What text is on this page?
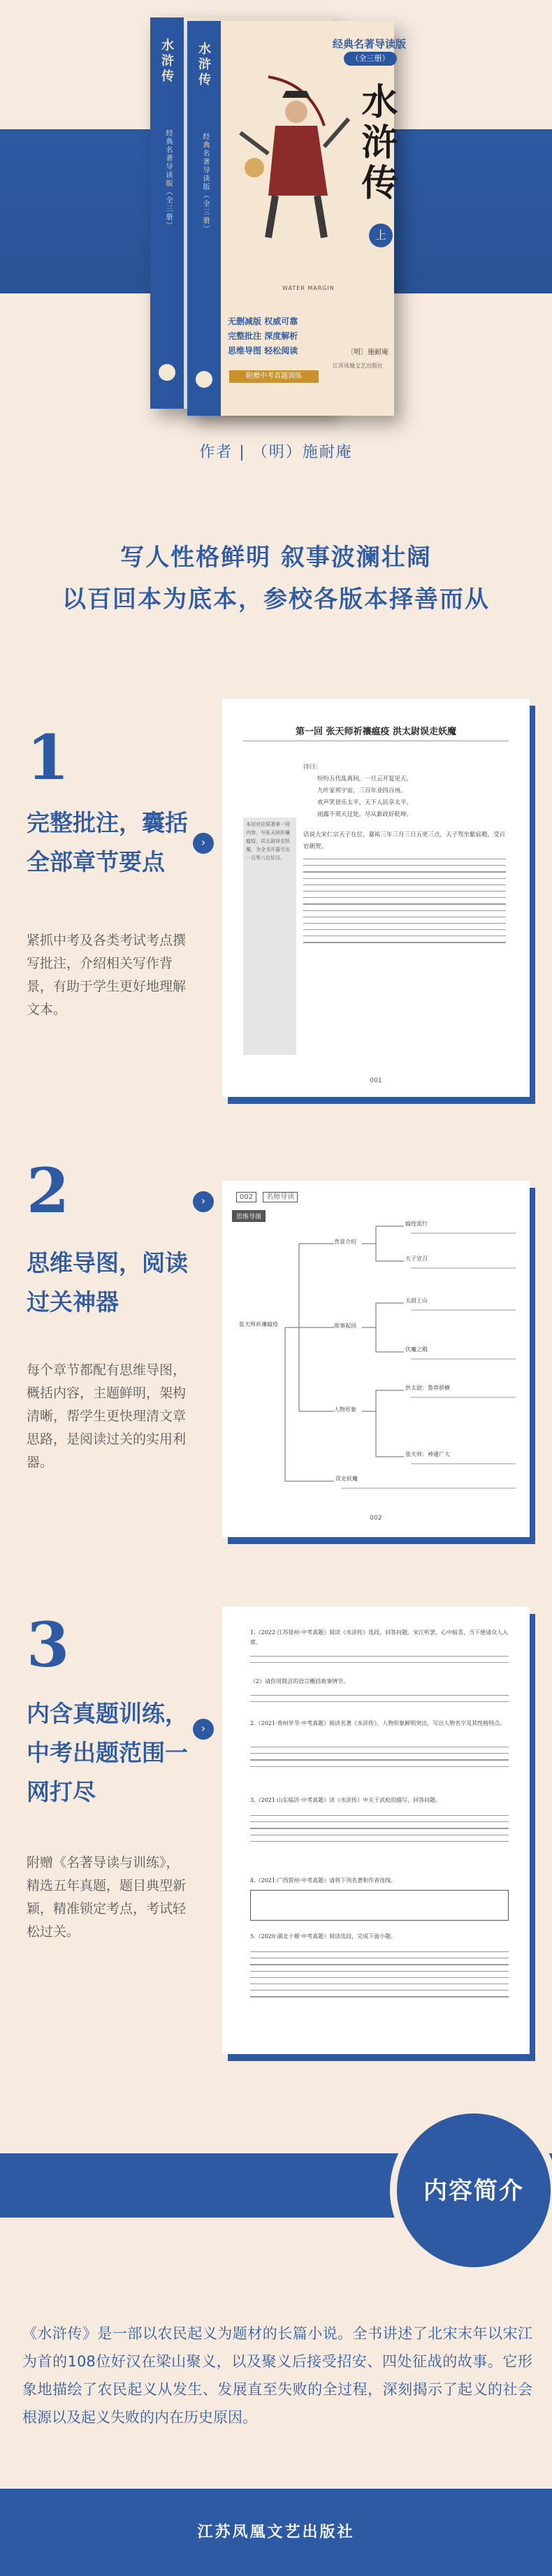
水浒传
经典名著导读版（全三册）
水浒传
经典名著导读版（全三册）
经典名著导读版
（全三册）
水浒传
上
WATER MARGIN
无删减版 权威可靠
完整批注 深度解析
思维导图 轻松阅读
附赠中考真题训练
〔明〕施耐庵
江苏凤凰文艺出版社
作者 | （明）施耐庵
写人性格鲜明 叙事波澜壮阔
以百回本为底本，参校各版本择善而从
1
完整批注，囊括全部章节要点
紧抓中考及各类考试考点撰写批注，介绍相关写作背景，有助于学生更好地理解文本。
›
第一回 张天师祈禳瘟疫 洪太尉误走妖魔
本回对应原著第一回内容，写张天师祈禳瘟疫，洪太尉误走妖魔，为全书开篇引出一百零八位好汉。
诗曰：
纷纷五代乱离间，一旦云开复见天。
九叶家邦宇宙，三百年业四百州。
欢声笑语乐太平，天下人民享太平。
雨露不须天过处，尽从新政好乾坤。
话说大宋仁宗天子在位，嘉祐三年三月三日五更三点，天子驾坐紫宸殿，受百官朝贺。
001
2
思维导图，阅读过关神器
每个章节都配有思维导图，概括内容，主题鲜明，架构清晰，帮学生更快理清文章思路，是阅读过关的实用利器。
›	002 名师导读
思维导图
张天师祈禳瘟疫
背景介绍
故事起因
人物形象
瘟疫流行
天子宣召
太尉上山
伏魔之殿
洪太尉：鲁莽骄横
张天师：神通广大
误走妖魔
002
3
内含真题训练，中考出题范围一网打尽
附赠《名著导读与训练》，精选五年真题，题目典型新颖，精准锁定考点，考试轻松过关。
›
1.（2022·江苏徐州·中考真题）阅读《水浒传》选段，回答问题。宋江听罢，心中暗喜，当下便请众人入席。
（2）请你用简洁的语言概括故事情节。
2.（2021·贵州毕节·中考真题）阅读名著《水浒传》，人物形象鲜明突出，写出人物名字及其性格特点。
3.（2021·山东临沂·中考真题）读《水浒传》中关于武松的描写，回答问题。
4.（2021·广西贺州·中考真题）请将下列名著和作者连线。
5.（2020·湖北十堰·中考真题）阅读选段，完成下面小题。
内容简介
《水浒传》是一部以农民起义为题材的长篇小说。全书讲述了北宋末年以宋江为首的108位好汉在梁山聚义，以及聚义后接受招安、四处征战的故事。它形象地描绘了农民起义从发生、发展直至失败的全过程，深刻揭示了起义的社会根源以及起义失败的内在历史原因。
江苏凤凰文艺出版社
